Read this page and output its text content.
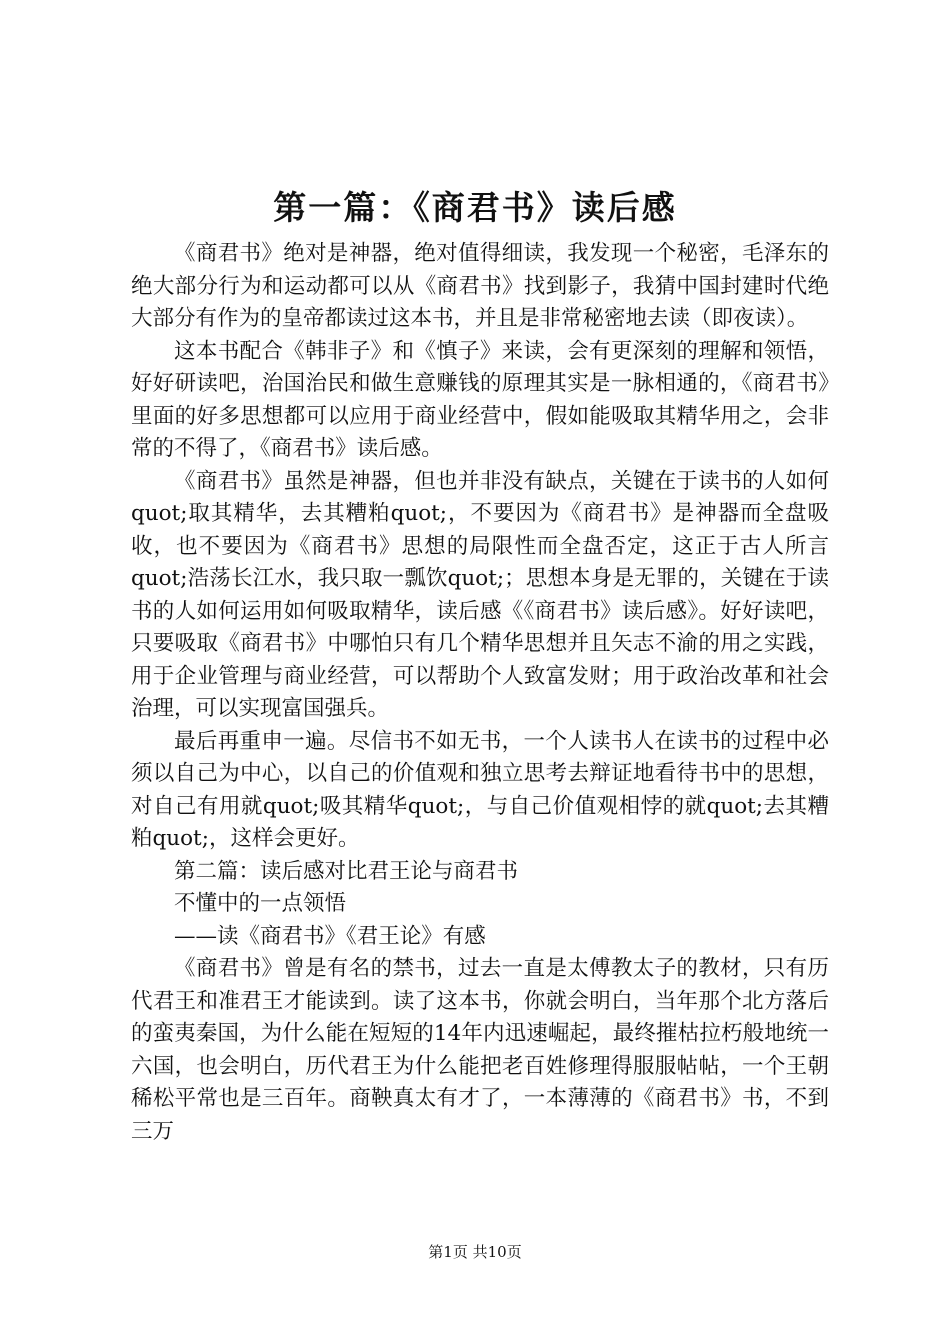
第一篇：《商君书》读后感

《商君书》绝对是神器，绝对值得细读，我发现一个秘密，毛泽东的绝大部分行为和运动都可以从《商君书》找到影子，我猜中国封建时代绝大部分有作为的皇帝都读过这本书，并且是非常秘密地去读（即夜读）。

这本书配合《韩非子》和《慎子》来读，会有更深刻的理解和领悟，好好研读吧，治国治民和做生意赚钱的原理其实是一脉相通的，《商君书》里面的好多思想都可以应用于商业经营中，假如能吸取其精华用之，会非常的不得了，《商君书》读后感。

《商君书》虽然是神器，但也并非没有缺点，关键在于读书的人如何quot;取其精华，去其糟粕quot;，不要因为《商君书》是神器而全盘吸收，也不要因为《商君书》思想的局限性而全盘否定，这正于古人所言quot;浩荡长江水，我只取一瓢饮quot;；思想本身是无罪的，关键在于读书的人如何运用如何吸取精华，读后感《《商君书》读后感》。好好读吧，只要吸取《商君书》中哪怕只有几个精华思想并且矢志不渝的用之实践，用于企业管理与商业经营，可以帮助个人致富发财；用于政治改革和社会治理，可以实现富国强兵。

最后再重申一遍。尽信书不如无书，一个人读书人在读书的过程中必须以自己为中心，以自己的价值观和独立思考去辩证地看待书中的思想，对自己有用就quot;吸其精华quot;，与自己价值观相悖的就quot;去其糟粕quot;，这样会更好。

第二篇：读后感对比君王论与商君书

不懂中的一点领悟

——读《商君书》《君王论》有感

《商君书》曾是有名的禁书，过去一直是太傅教太子的教材，只有历代君王和准君王才能读到。读了这本书，你就会明白，当年那个北方落后的蛮夷秦国，为什么能在短短的14年内迅速崛起，最终摧枯拉朽般地统一六国，也会明白，历代君王为什么能把老百姓修理得服服帖帖，一个王朝稀松平常也是三百年。商鞅真太有才了，一本薄薄的《商君书》书，不到三万

第1页 共10页
